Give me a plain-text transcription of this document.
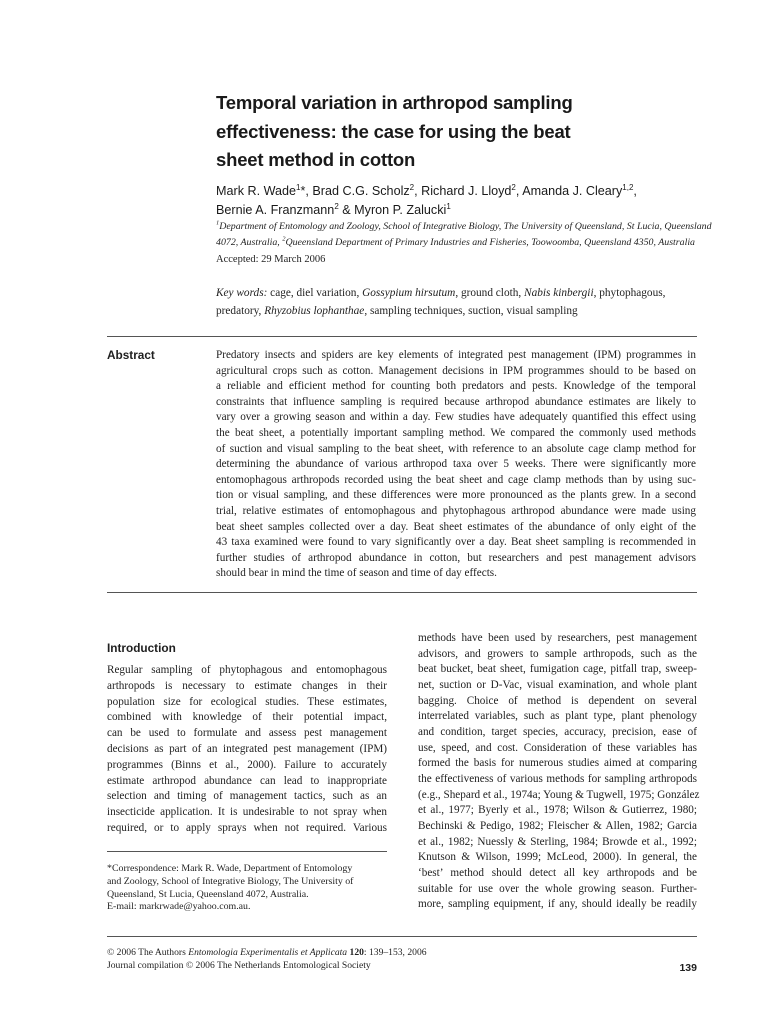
Temporal variation in arthropod sampling
effectiveness: the case for using the beat
sheet method in cotton
Mark R. Wade$^1$*, Brad C.G. Scholz$^2$, Richard J. Lloyd$^2$, Amanda J. Cleary$^{1,2}$,
Bernie A. Franzmann$^2$ & Myron P. Zalucki$^1$
$^1$Department of Entomology and Zoology, School of Integrative Biology, The University of Queensland, St Lucia, Queensland
4072, Australia, $^2$Queensland Department of Primary Industries and Fisheries, Toowoomba, Queensland 4350, Australia
Accepted: 29 March 2006
Key words: cage, diel variation, Gossypium hirsutum, ground cloth, Nabis kinbergii, phytophagous,
predatory, Rhyzobius lophanthae, sampling techniques, suction, visual sampling
Abstract	Predatory insects and spiders are key elements of integrated pest management (IPM) programmes in
agricultural crops such as cotton. Management decisions in IPM programmes should to be based on
a reliable and efficient method for counting both predators and pests. Knowledge of the temporal
constraints that influence sampling is required because arthropod abundance estimates are likely to
vary over a growing season and within a day. Few studies have adequately quantified this effect using
the beat sheet, a potentially important sampling method. We compared the commonly used methods
of suction and visual sampling to the beat sheet, with reference to an absolute cage clamp method for
determining the abundance of various arthropod taxa over 5 weeks. There were significantly more
entomophagous arthropods recorded using the beat sheet and cage clamp methods than by using suc-
tion or visual sampling, and these differences were more pronounced as the plants grew. In a second
trial, relative estimates of entomophagous and phytophagous arthropod abundance were made using
beat sheet samples collected over a day. Beat sheet estimates of the abundance of only eight of the
43 taxa examined were found to vary significantly over a day. Beat sheet sampling is recommended in
further studies of arthropod abundance in cotton, but researchers and pest management advisors
should bear in mind the time of season and time of day effects.
Introduction
Regular sampling of phytophagous and entomophagous
arthropods is necessary to estimate changes in their
population size for ecological studies. These estimates,
combined with knowledge of their potential impact,
can be used to formulate and assess pest management
decisions as part of an integrated pest management (IPM)
programmes (Binns et al., 2000). Failure to accurately
estimate arthropod abundance can lead to inappropriate
selection and timing of management tactics, such as an
insecticide application. It is undesirable to not spray when
required, or to apply sprays when not required. Various
methods have been used by researchers, pest management
advisors, and growers to sample arthropods, such as the
beat bucket, beat sheet, fumigation cage, pitfall trap, sweep-
net, suction or D-Vac, visual examination, and whole plant
bagging. Choice of method is dependent on several
interrelated variables, such as plant type, plant phenology
and condition, target species, accuracy, precision, ease of
use, speed, and cost. Consideration of these variables has
formed the basis for numerous studies aimed at comparing
the effectiveness of various methods for sampling arthropods
(e.g., Shepard et al., 1974a; Young & Tugwell, 1975; González
et al., 1977; Byerly et al., 1978; Wilson & Gutierrez, 1980;
Bechinski & Pedigo, 1982; Fleischer & Allen, 1982; Garcia
et al., 1982; Nuessly & Sterling, 1984; Browde et al., 1992;
Knutson & Wilson, 1999; McLeod, 2000). In general, the
‘best’ method should detect all key arthropods and be
suitable for use over the whole growing season. Further-
more, sampling equipment, if any, should ideally be readily
*Correspondence: Mark R. Wade, Department of Entomology
and Zoology, School of Integrative Biology, The University of
Queensland, St Lucia, Queensland 4072, Australia.
E-mail: markrwade@yahoo.com.au.
© 2006 The Authors Entomologia Experimentalis et Applicata 120: 139–153, 2006
Journal compilation © 2006 The Netherlands Entomological Society	139
